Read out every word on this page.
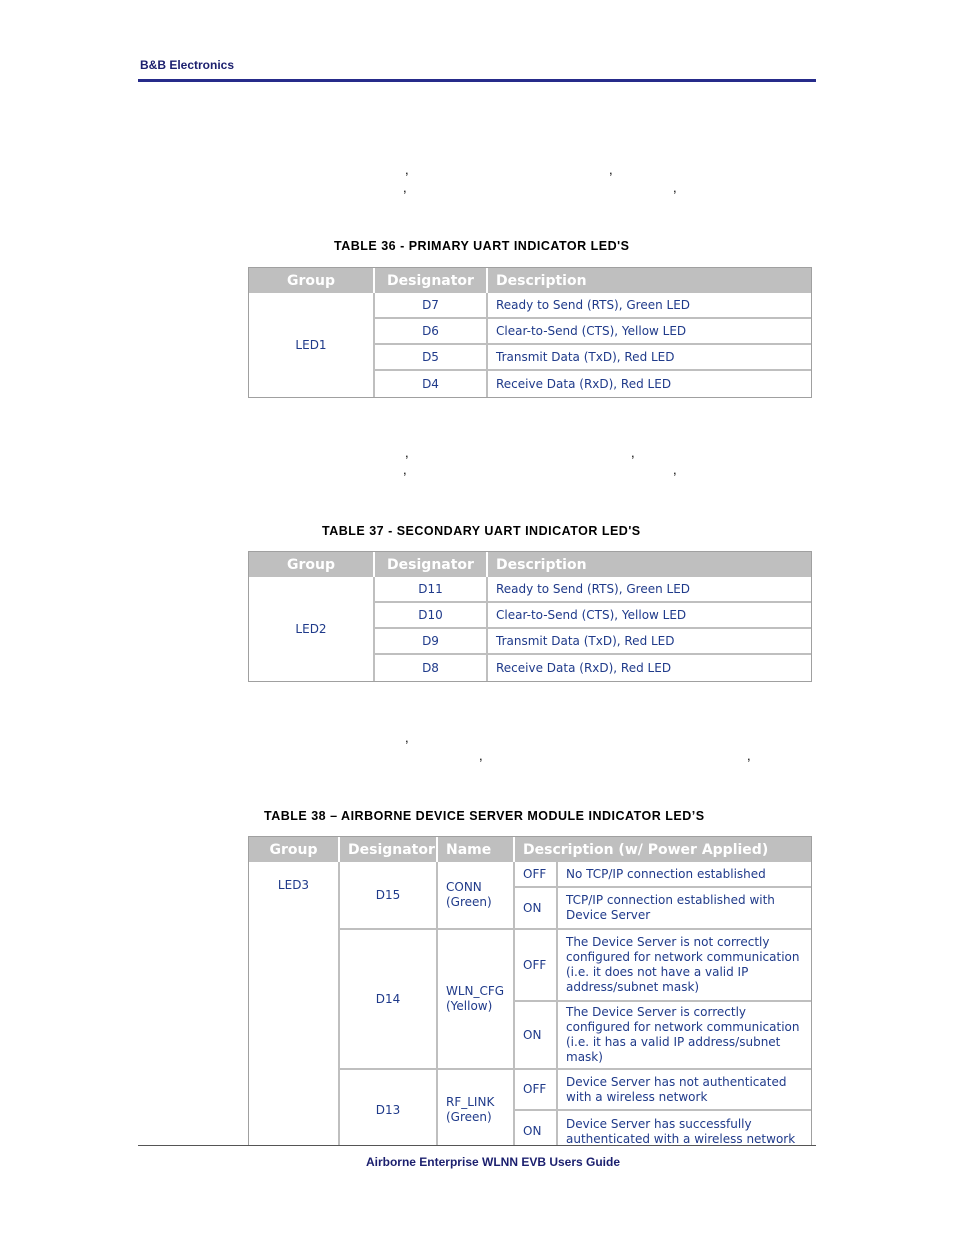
B&B Electronics
,	,
,	,
TABLE 36 - PRIMARY UART INDICATOR LED'S
Group	Designator	Description
LED1	D7	Ready to Send (RTS), Green LED
	D6	Clear-to-Send (CTS), Yellow LED
	D5	Transmit Data (TxD), Red LED
	D4	Receive Data (RxD), Red LED
,	,
,	,
TABLE 37 - SECONDARY UART INDICATOR LED'S
Group	Designator	Description
LED2	D11	Ready to Send (RTS), Green LED
	D10	Clear-to-Send (CTS), Yellow LED
	D9	Transmit Data (TxD), Red LED
	D8	Receive Data (RxD), Red LED
,
,	,
TABLE 38 – AIRBORNE DEVICE SERVER MODULE INDICATOR LED’S
Group	Designator	Name	Description (w/ Power Applied)	
LED3	D15	CONN (Green)	OFF	No TCP/IP connection established
			ON	TCP/IP connection established with Device Server
	D14	WLN_CFG (Yellow)	OFF	The Device Server is not correctly configured for network communication (i.e. it does not have a valid IP address/subnet mask)
			ON	The Device Server is correctly configured for network communication (i.e. it has a valid IP address/subnet mask)
	D13	RF_LINK (Green)	OFF	Device Server has not authenticated with a wireless network
			ON	Device Server has successfully authenticated with a wireless network
Airborne Enterprise WLNN EVB Users Guide
